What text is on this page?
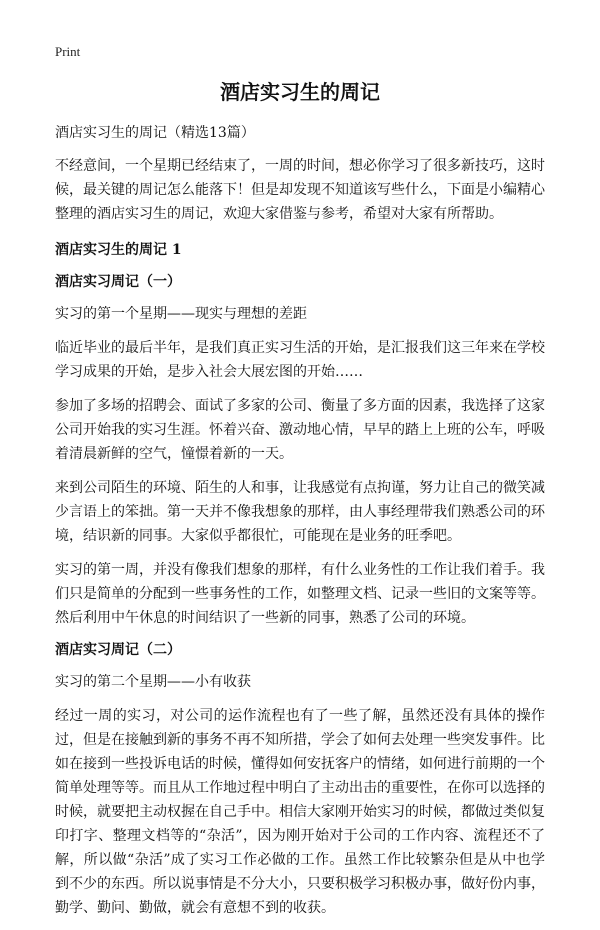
Print
酒店实习生的周记

酒店实习生的周记（精选13篇）

不经意间，一个星期已经结束了，一周的时间，想必你学习了很多新技巧，这时候，最关键的周记怎么能落下！但是却发现不知道该写些什么，下面是小编精心整理的酒店实习生的周记，欢迎大家借鉴与参考，希望对大家有所帮助。

酒店实习生的周记 1
酒店实习周记（一）

实习的第一个星期——现实与理想的差距

临近毕业的最后半年，是我们真正实习生活的开始，是汇报我们这三年来在学校学习成果的开始，是步入社会大展宏图的开始……

参加了多场的招聘会、面试了多家的公司、衡量了多方面的因素，我选择了这家公司开始我的实习生涯。怀着兴奋、激动地心情，早早的踏上上班的公车，呼吸着清晨新鲜的空气，憧憬着新的一天。

来到公司陌生的环境、陌生的人和事，让我感觉有点拘谨，努力让自己的微笑减少言语上的笨拙。第一天并不像我想象的那样，由人事经理带我们熟悉公司的环境，结识新的同事。大家似乎都很忙，可能现在是业务的旺季吧。

实习的第一周，并没有像我们想象的那样，有什么业务性的工作让我们着手。我们只是简单的分配到一些事务性的工作，如整理文档、记录一些旧的文案等等。然后利用中午休息的时间结识了一些新的同事，熟悉了公司的环境。

酒店实习周记（二）

实习的第二个星期——小有收获

经过一周的实习，对公司的运作流程也有了一些了解，虽然还没有具体的操作过，但是在接触到新的事务不再不知所措，学会了如何去处理一些突发事件。比如在接到一些投诉电话的时候，懂得如何安抚客户的情绪，如何进行前期的一个简单处理等等。而且从工作地过程中明白了主动出击的重要性，在你可以选择的时候，就要把主动权握在自己手中。相信大家刚开始实习的时候，都做过类似复印打字、整理文档等的“杂活”，因为刚开始对于公司的工作内容、流程还不了解，所以做“杂活”成了实习工作必做的工作。虽然工作比较繁杂但是从中也学到不少的东西。所以说事情是不分大小，只要积极学习积极办事，做好份内事，勤学、勤问、勤做，就会有意想不到的收获。
